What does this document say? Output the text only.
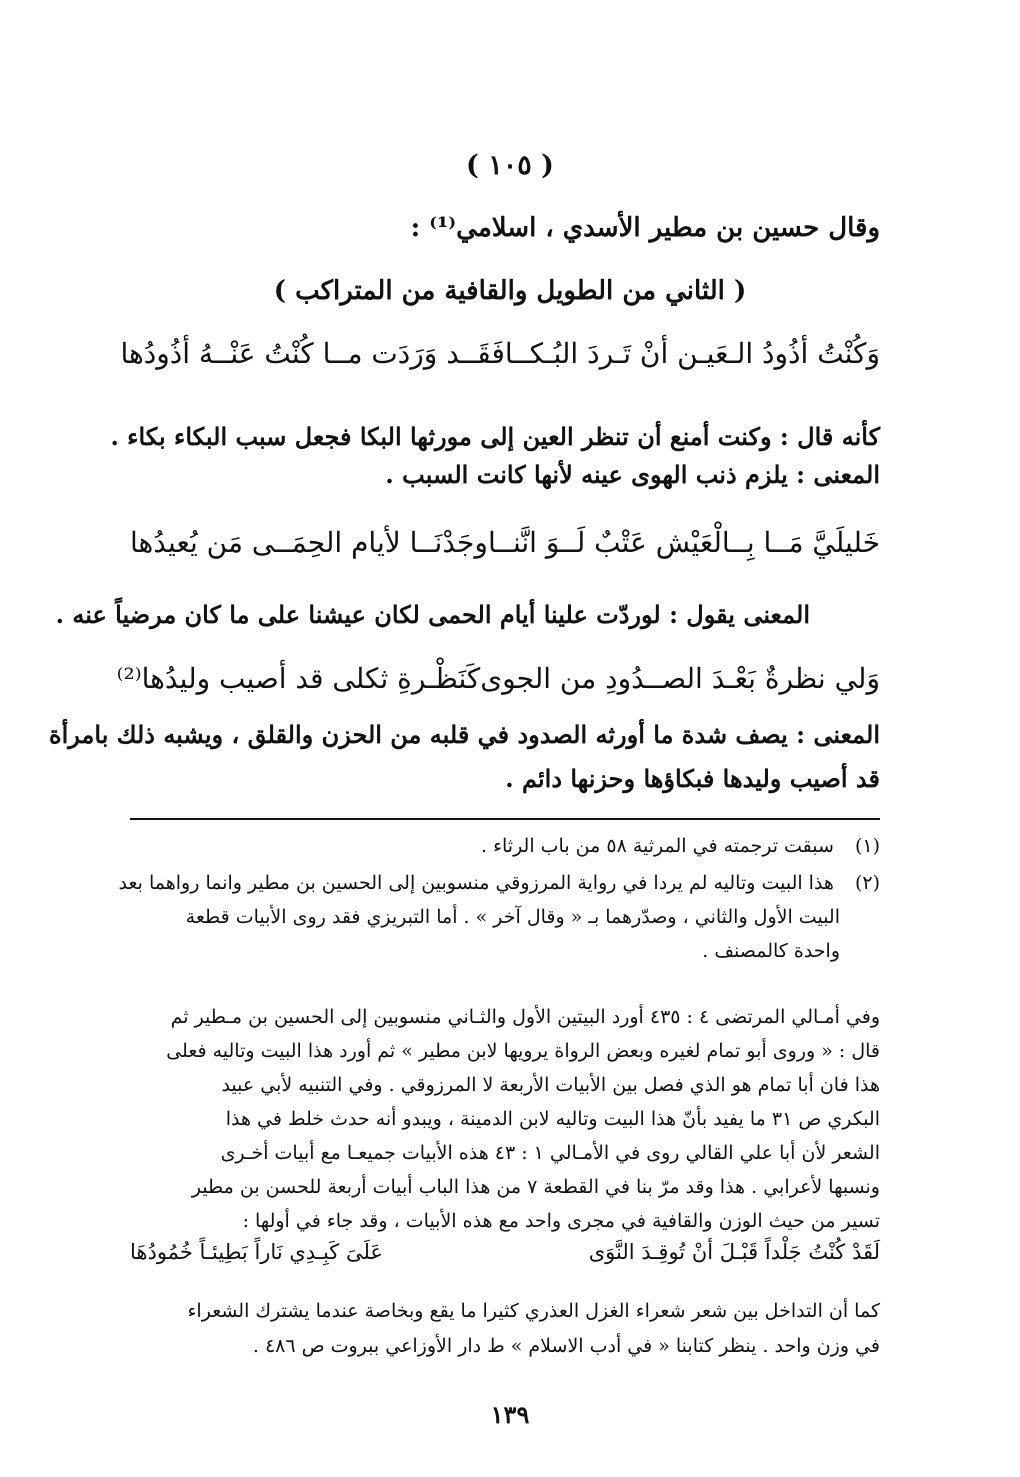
( ١٠٥ )
وقال حسين بن مطير الأسدي ، اسلامي⁽¹⁾ :
( الثاني من الطويل والقافية من المتراكب )
وَكُنْتُ أذُودُ الـعَيـن أنْ تَـردَ البُـكــا
فَقَــد وَرَدَت مــا كُنْتُ عَنْــهُ أذُودُها
كأنه قال : وكنت أمنع أن تنظر العين إلى مورثها البكا فجعل سبب البكاء بكاء .
المعنى : يلزم ذنب الهوى عينه لأنها كانت السبب .
خَليلَيَّ مَــا بِــالْعَيْش عَتْبٌ لَــوَ انَّنــا
وجَدْنَــا لأيام الحِمَــى مَن يُعيدُها
المعنى يقول : لوردّت علينا أيام الحمى لكان عيشنا على ما كان مرضياً عنه .
وَلي نظرةٌ بَعْـدَ الصــدُودِ من الجوى
كَنَظْـرةِ ثكلى قد أصيب وليدُها⁽²⁾
المعنى : يصف شدة ما أورثه الصدود في قلبه من الحزن والقلق ، ويشبه ذلك بامرأة
قد أصيب وليدها فبكاؤها وحزنها دائم .
(١) سبقت ترجمته في المرثية ٥٨ من باب الرثاء .
(٢) هذا البيت وتاليه لم يردا في رواية المرزوقي منسوبين إلى الحسين بن مطير وانما رواهما بعد
البيت الأول والثاني ، وصدّرهما بـ « وقال آخر » . أما التبريزي فقد روى الأبيات قطعة
واحدة كالمصنف .
وفي أمـالي المرتضى ٤ : ٤٣٥ أورد البيتين الأول والثـاني منسوبين إلى الحسين بن مـطير ثم
قال : « وروى أبو تمام لغيره وبعض الرواة يرويها لابن مطير » ثم أورد هذا البيت وتاليه فعلى
هذا فان أبا تمام هو الذي فصل بين الأبيات الأربعة لا المرزوقي . وفي التنبيه لأبي عبيد
البكري ص ٣١ ما يفيد بأنّ هذا البيت وتاليه لابن الدمينة ، ويبدو أنه حدث خلط في هذا
الشعر لأن أبا علي القالي روى في الأمـالي ١ : ٤٣ هذه الأبيات جميعـا مع أبيات أخـرى
ونسبها لأعرابي . هذا وقد مرّ بنا في القطعة ٧ من هذا الباب أبيات أربعة للحسن بن مطير
تسير من حيث الوزن والقافية في مجرى واحد مع هذه الأبيات ، وقد جاء في أولها :
لَقَدْ كُنْتُ جَلْداً قَبْـلَ أنْ تُوقِـدَ النَّوَى
عَلَىَ كَبِـدِي نَاراً بَطِيئـاً خُمُودُهَا
كما أن التداخل بين شعر شعراء الغزل العذري كثيرا ما يقع وبخاصة عندما يشترك الشعراء
في وزن واحد . ينظر كتابنا « في أدب الاسلام » ط دار الأوزاعي ببروت ص ٤٨٦ .
١٣٩
